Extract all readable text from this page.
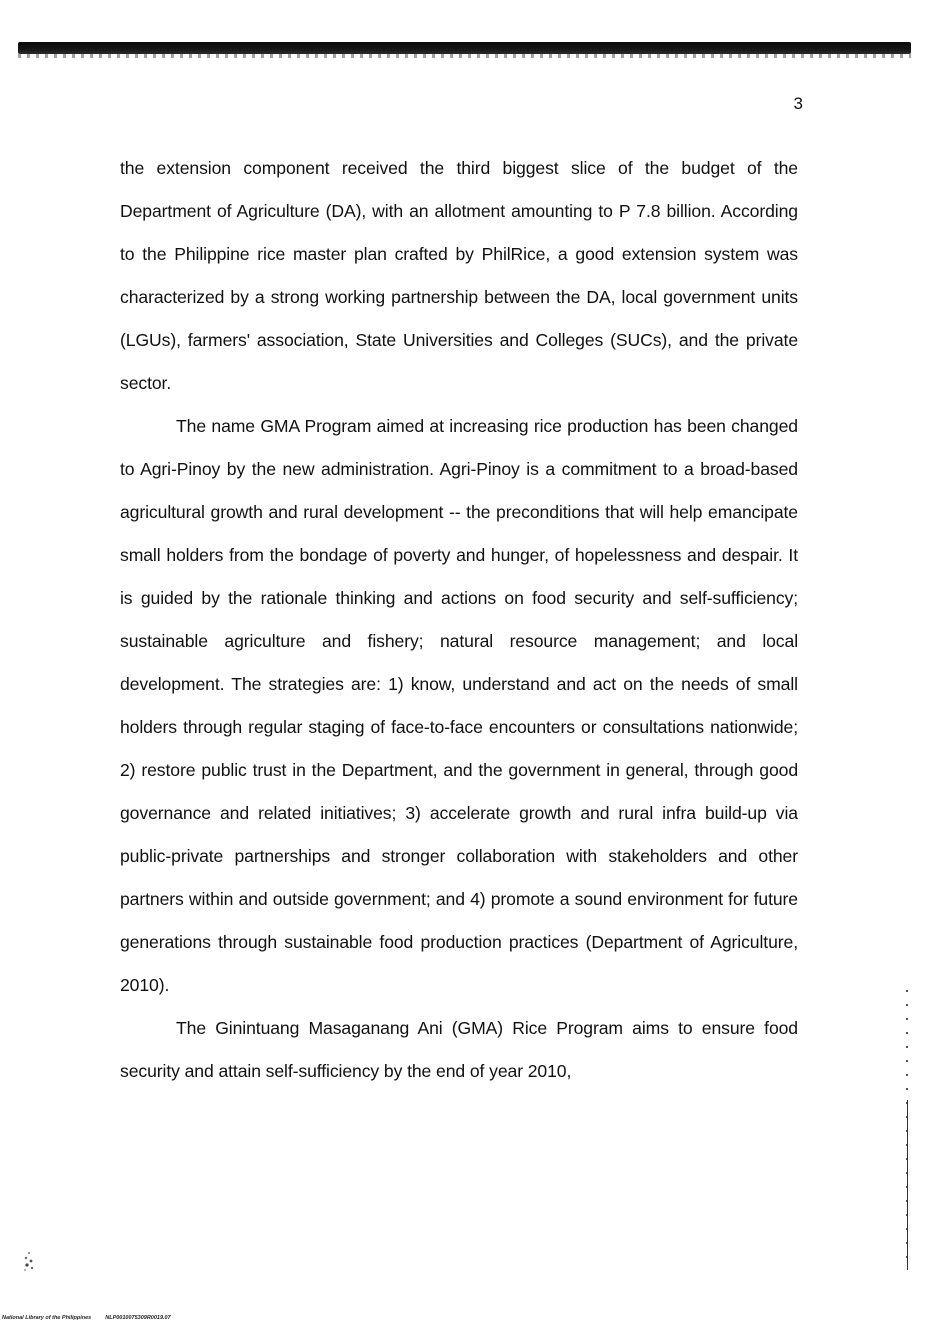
3

the extension component received the third biggest slice of the budget of the Department of Agriculture (DA), with an allotment amounting to P 7.8 billion. According to the Philippine rice master plan crafted by PhilRice, a good extension system was characterized by a strong working partnership between the DA, local government units (LGUs), farmers' association, State Universities and Colleges (SUCs), and the private sector.

The name GMA Program aimed at increasing rice production has been changed to Agri-Pinoy by the new administration. Agri-Pinoy is a commitment to a broad-based agricultural growth and rural development -- the preconditions that will help emancipate small holders from the bondage of poverty and hunger, of hopelessness and despair. It is guided by the rationale thinking and actions on food security and self-sufficiency; sustainable agriculture and fishery; natural resource management; and local development. The strategies are: 1) know, understand and act on the needs of small holders through regular staging of face-to-face encounters or consultations nationwide; 2) restore public trust in the Department, and the government in general, through good governance and related initiatives; 3) accelerate growth and rural infra build-up via public-private partnerships and stronger collaboration with stakeholders and other partners within and outside government; and 4) promote a sound environment for future generations through sustainable food production practices (Department of Agriculture, 2010).

The Ginintuang Masaganang Ani (GMA) Rice Program aims to ensure food security and attain self-sufficiency by the end of year 2010,

National Library of the Philippines	NLP0010075309R0019.07
